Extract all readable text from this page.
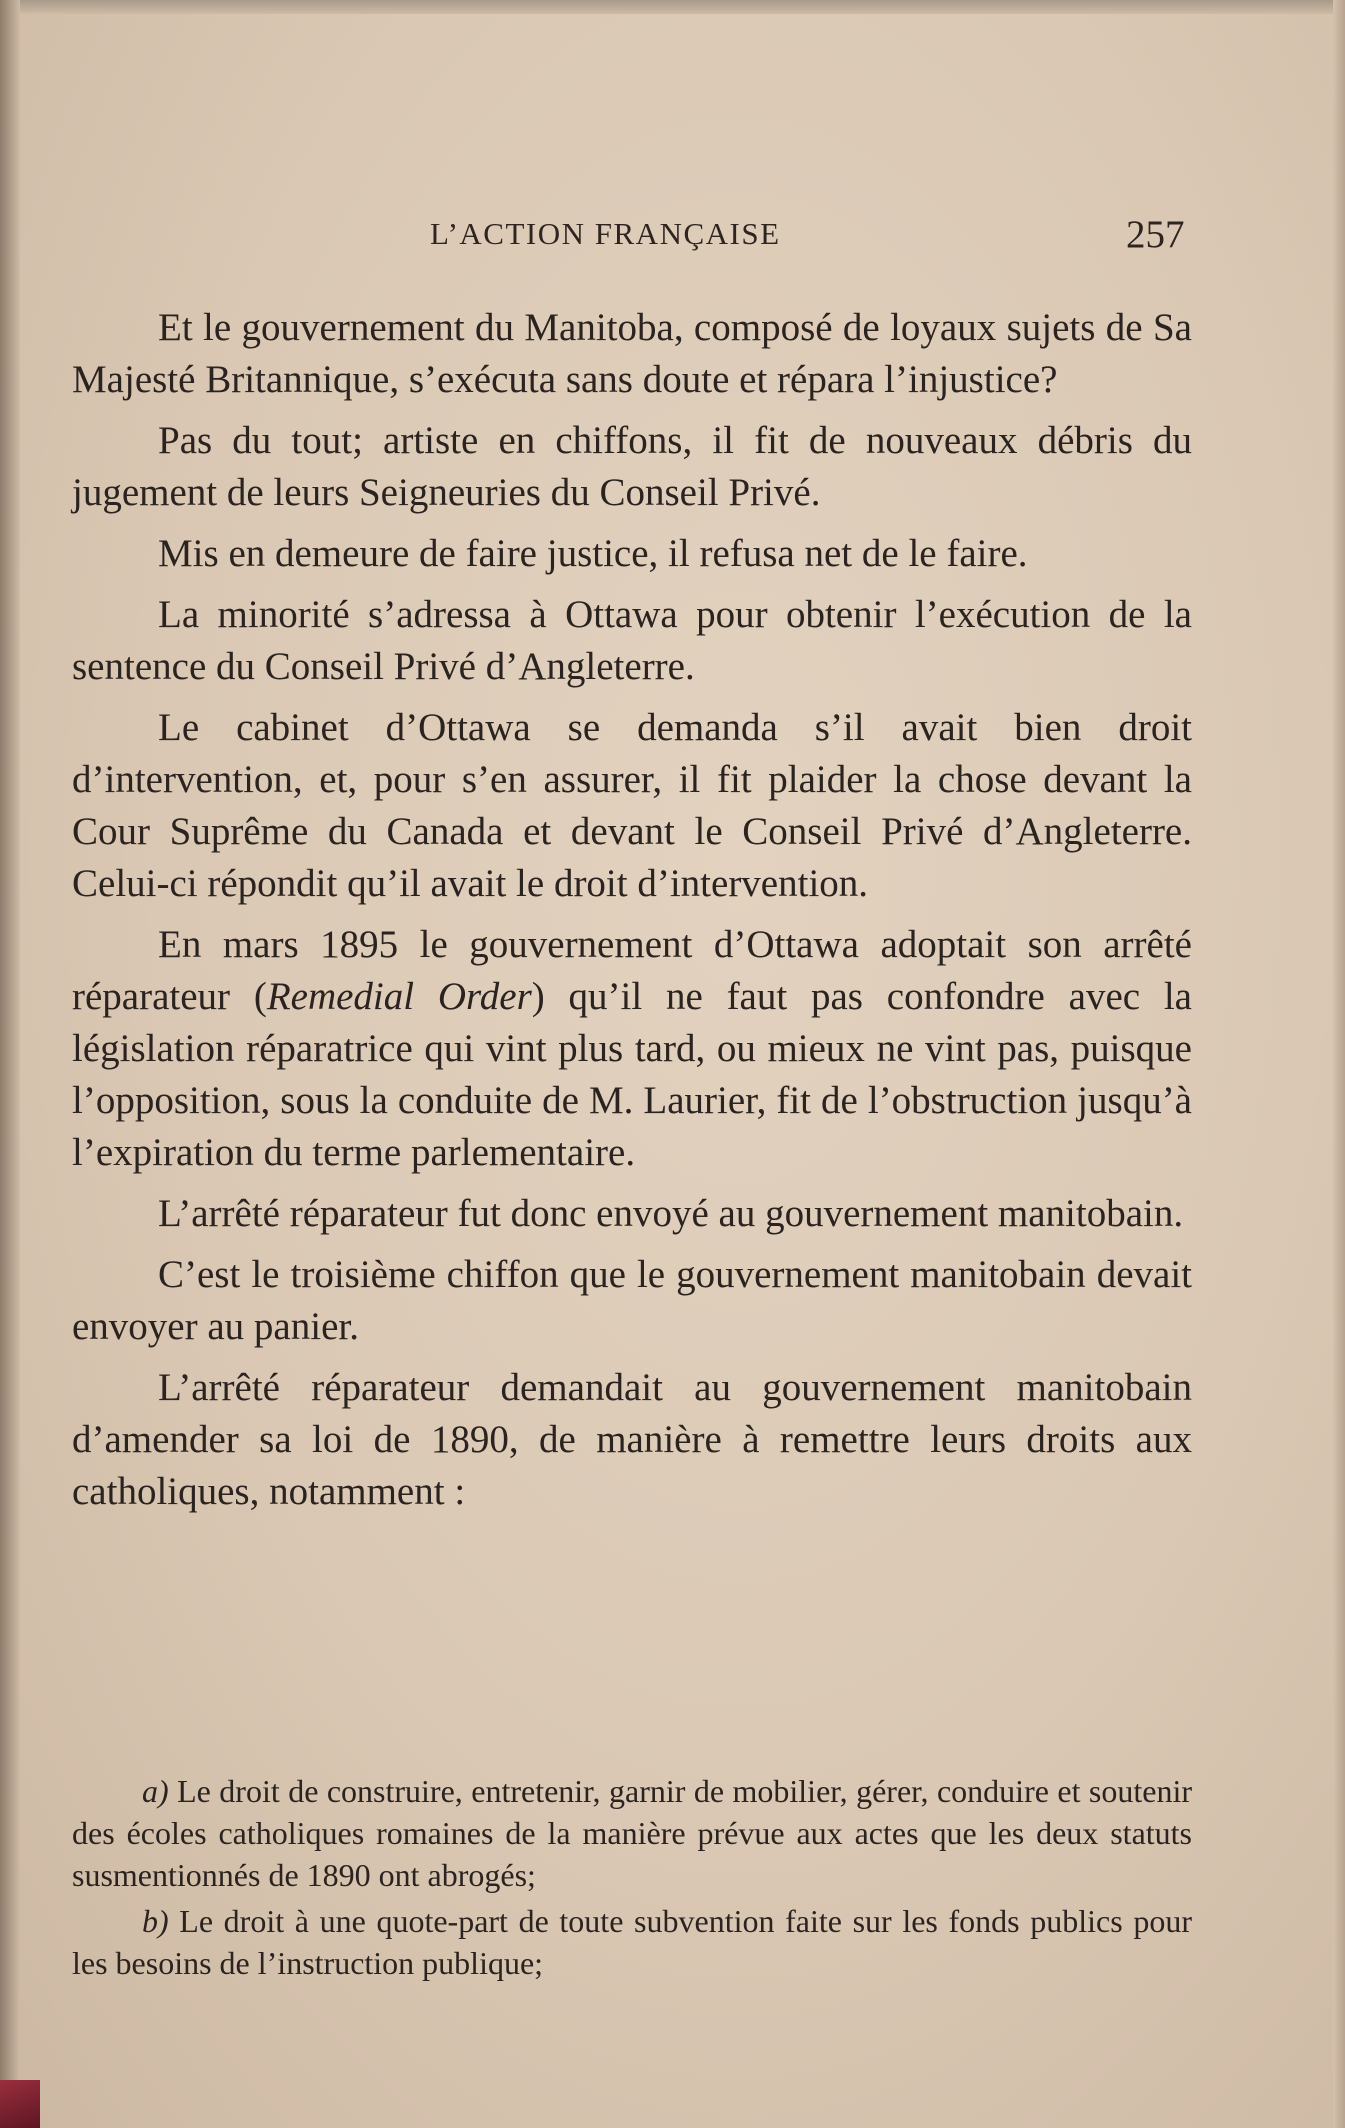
L’ACTION FRANÇAISE	257

Et le gouvernement du Manitoba, composé de loyaux sujets de Sa Majesté Britannique, s’exécuta sans doute et répara l’injustice?

Pas du tout; artiste en chiffons, il fit de nouveaux débris du jugement de leurs Seigneuries du Conseil Privé.

Mis en demeure de faire justice, il refusa net de le faire.

La minorité s’adressa à Ottawa pour obtenir l’exécution de la sentence du Conseil Privé d’Angleterre.

Le cabinet d’Ottawa se demanda s’il avait bien droit d’intervention, et, pour s’en assurer, il fit plaider la chose devant la Cour Suprême du Canada et devant le Conseil Privé d’Angleterre. Celui-ci répondit qu’il avait le droit d’intervention.

En mars 1895 le gouvernement d’Ottawa adoptait son arrêté réparateur (Remedial Order) qu’il ne faut pas confondre avec la législation réparatrice qui vint plus tard, ou mieux ne vint pas, puisque l’opposition, sous la conduite de M. Laurier, fit de l’obstruction jusqu’à l’expiration du terme parlementaire.

L’arrêté réparateur fut donc envoyé au gouvernement manitobain.

C’est le troisième chiffon que le gouvernement manitobain devait envoyer au panier.

L’arrêté réparateur demandait au gouvernement manitobain d’amender sa loi de 1890, de manière à remettre leurs droits aux catholiques, notamment :

a) Le droit de construire, entretenir, garnir de mobilier, gérer, conduire et soutenir des écoles catholiques romaines de la manière prévue aux actes que les deux statuts susmentionnés de 1890 ont abrogés;

b) Le droit à une quote-part de toute subvention faite sur les fonds publics pour les besoins de l’instruction publique;
